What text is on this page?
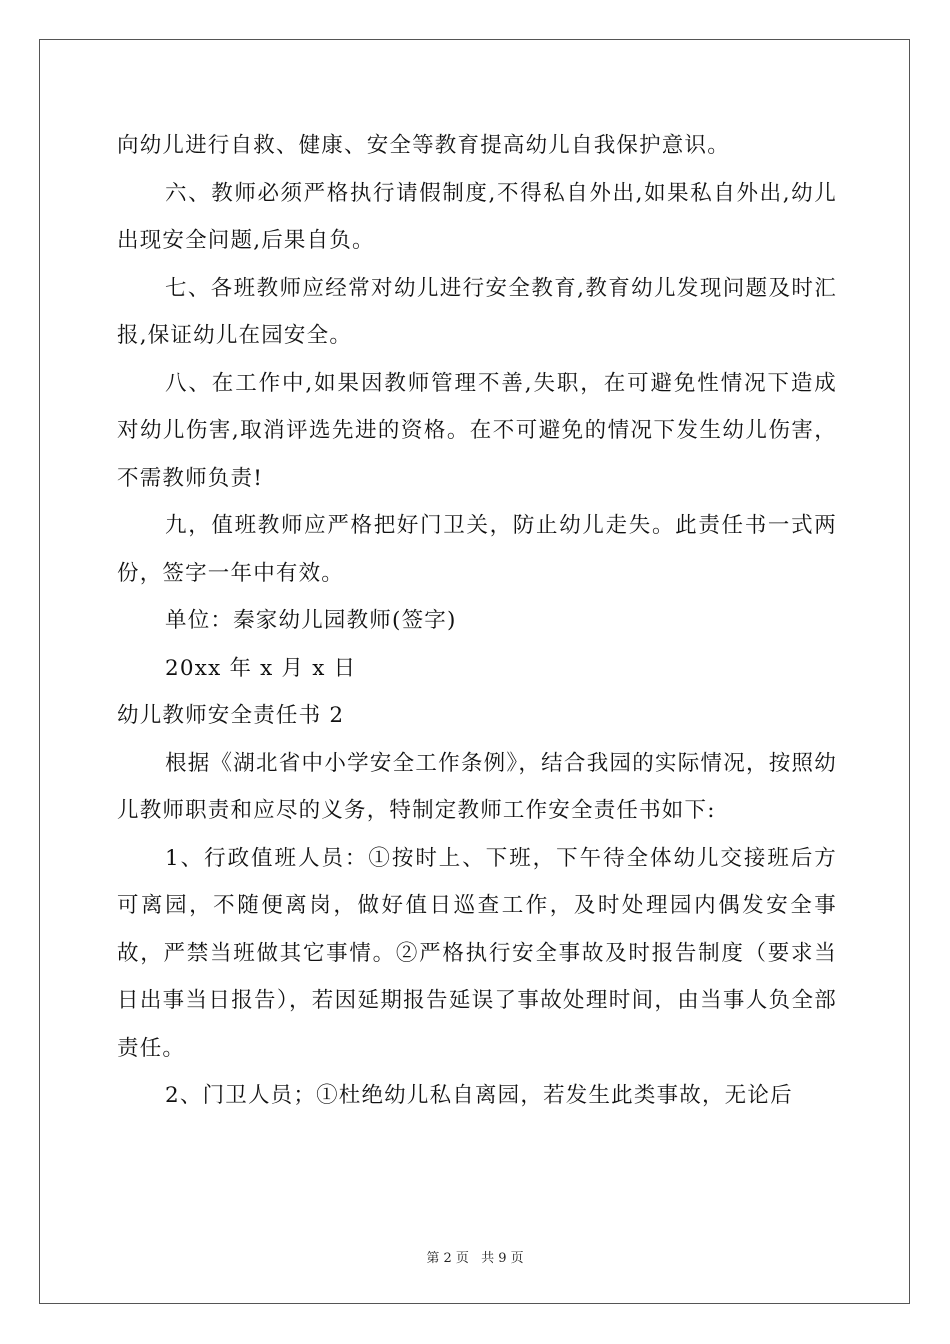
向幼儿进行自救、健康、安全等教育提高幼儿自我保护意识。

六、教师必须严格执行请假制度,不得私自外出,如果私自外出,幼儿出现安全问题,后果自负。

七、各班教师应经常对幼儿进行安全教育,教育幼儿发现问题及时汇报,保证幼儿在园安全。

八、在工作中,如果因教师管理不善,失职，在可避免性情况下造成对幼儿伤害,取消评选先进的资格。在不可避免的情况下发生幼儿伤害，不需教师负责!

九，值班教师应严格把好门卫关，防止幼儿走失。此责任书一式两份，签字一年中有效。

单位：秦家幼儿园教师(签字)

20xx 年 x 月 x 日

幼儿教师安全责任书 2

根据《湖北省中小学安全工作条例》，结合我园的实际情况，按照幼儿教师职责和应尽的义务，特制定教师工作安全责任书如下:

1、行政值班人员：①按时上、下班，下午待全体幼儿交接班后方可离园，不随便离岗，做好值日巡查工作，及时处理园内偶发安全事故，严禁当班做其它事情。②严格执行安全事故及时报告制度（要求当日出事当日报告），若因延期报告延误了事故处理时间，由当事人负全部责任。

2、门卫人员；①杜绝幼儿私自离园，若发生此类事故，无论后

第 2 页 共 9 页
